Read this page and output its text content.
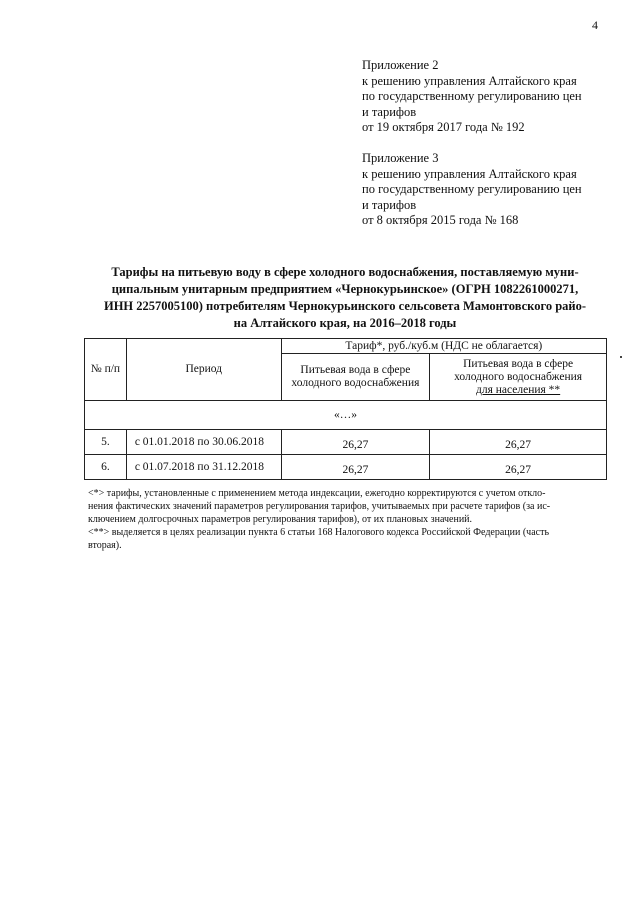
4
Приложение 2
к решению управления Алтайского края
по государственному регулированию цен
и тарифов
от 19 октября 2017 года № 192
Приложение 3
к решению управления Алтайского края
по государственному регулированию цен
и тарифов
от 8 октября 2015 года № 168
Тарифы на питьевую воду в сфере холодного водоснабжения, поставляемую муни-
ципальным унитарным предприятием «Чернокурьинское» (ОГРН 1082261000271,
ИНН 2257005100) потребителям Чернокурьинского сельсовета Мамонтовского райо-
на Алтайского края, на 2016–2018 годы
№ п/п	Период	Тариф*, руб./куб.м (НДС не облагается)	
		Питьевая вода в сфере холодного водоснабжения	Питьевая вода в сфере
холодного водоснабжения
для населения **

«…»			
5.	с 01.01.2018 по 30.06.2018	26,27	26,27
6.	с 01.07.2018 по 31.12.2018	26,27	26,27
<*> тарифы, установленные с применением метода индексации, ежегодно корректируются с учетом откло-
нения фактических значений параметров регулирования тарифов, учитываемых при расчете тарифов (за ис-
ключением долгосрочных параметров регулирования тарифов), от их плановых значений.
<**> выделяется в целях реализации пункта 6 статьи 168 Налогового кодекса Российской Федерации (часть
вторая).
